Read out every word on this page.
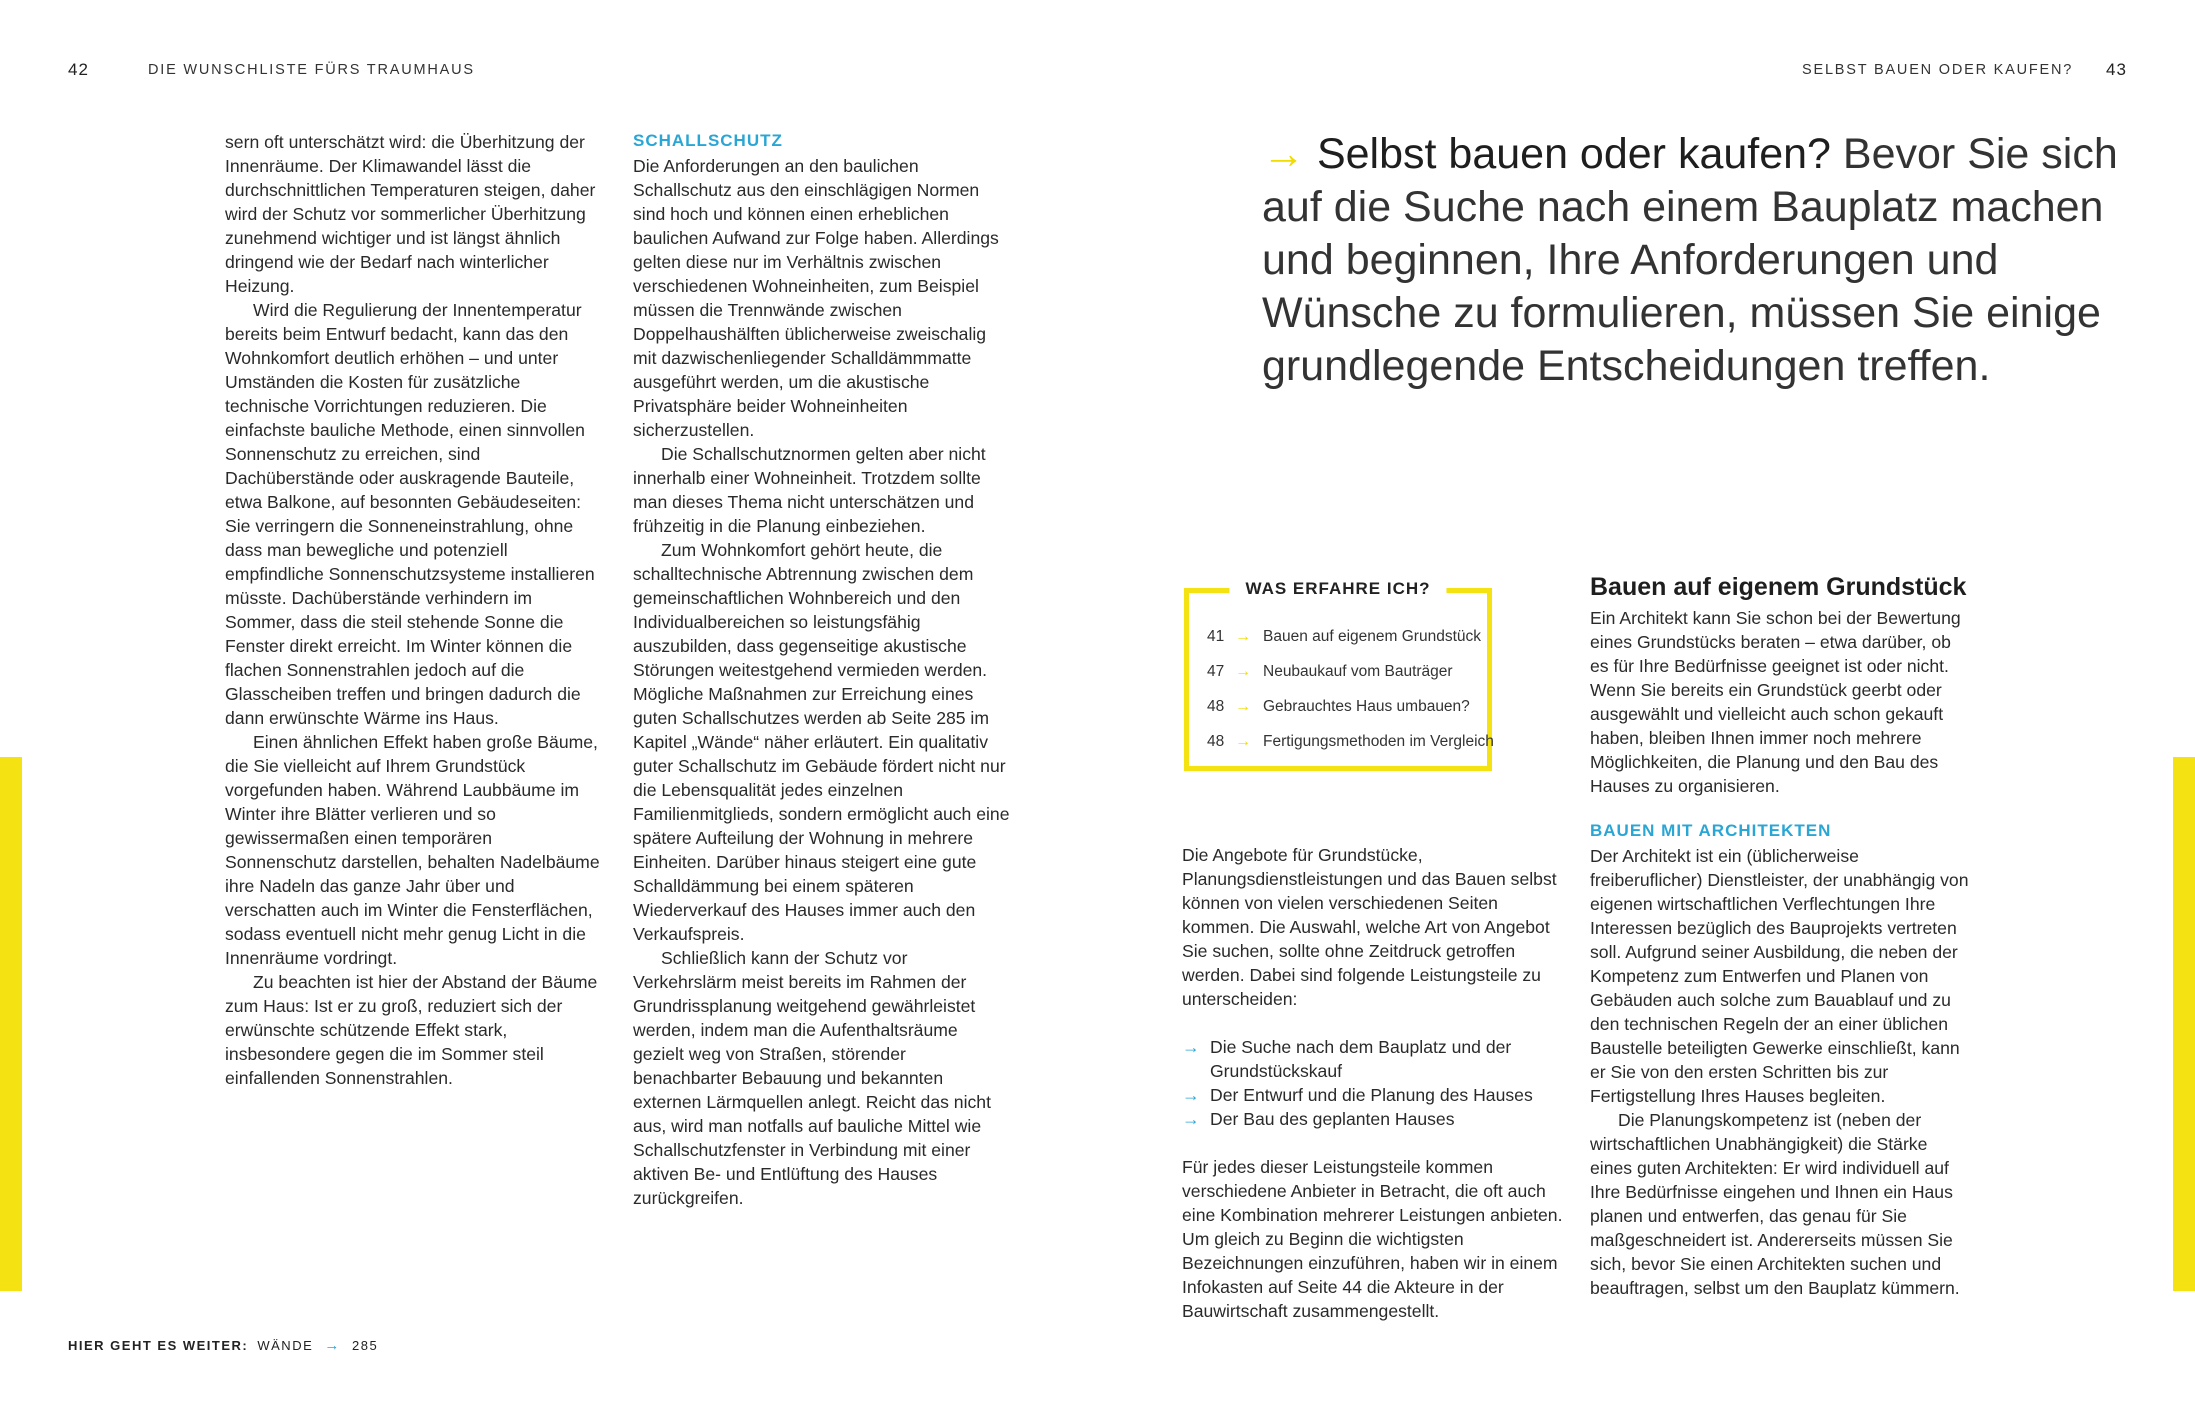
42	DIE WUNSCHLISTE FÜRS TRAUMHAUS	SELBST BAUEN ODER KAUFEN? 43

sern oft unterschätzt wird: die Überhitzung der Innenräume. Der Klimawandel lässt die durchschnittlichen Temperaturen steigen, daher wird der Schutz vor sommerlicher Überhitzung zunehmend wichtiger und ist längst ähnlich dringend wie der Bedarf nach winterlicher Heizung.

Wird die Regulierung der Innentemperatur bereits beim Entwurf bedacht, kann das den Wohnkomfort deutlich erhöhen – und unter Umständen die Kosten für zusätzliche technische Vorrichtungen reduzieren. Die einfachste bauliche Methode, einen sinnvollen Sonnenschutz zu erreichen, sind Dachüberstände oder auskragende Bauteile, etwa Balkone, auf besonnten Gebäudeseiten: Sie verringern die Sonneneinstrahlung, ohne dass man bewegliche und potenziell empfindliche Sonnenschutzsysteme installieren müsste. Dachüberstände verhindern im Sommer, dass die steil stehende Sonne die Fenster direkt erreicht. Im Winter können die flachen Sonnenstrahlen jedoch auf die Glasscheiben treffen und bringen dadurch die dann erwünschte Wärme ins Haus.

Einen ähnlichen Effekt haben große Bäume, die Sie vielleicht auf Ihrem Grundstück vorgefunden haben. Während Laubbäume im Winter ihre Blätter verlieren und so gewissermaßen einen temporären Sonnenschutz darstellen, behalten Nadelbäume ihre Nadeln das ganze Jahr über und verschatten auch im Winter die Fensterflächen, sodass eventuell nicht mehr genug Licht in die Innenräume vordringt.

Zu beachten ist hier der Abstand der Bäume zum Haus: Ist er zu groß, reduziert sich der erwünschte schützende Effekt stark, insbesondere gegen die im Sommer steil einfallenden Sonnenstrahlen.

SCHALLSCHUTZ

Die Anforderungen an den baulichen Schallschutz aus den einschlägigen Normen sind hoch und können einen erheblichen baulichen Aufwand zur Folge haben. Allerdings gelten diese nur im Verhältnis zwischen verschiedenen Wohneinheiten, zum Beispiel müssen die Trennwände zwischen Doppelhaushälften üblicherweise zweischalig mit dazwischenliegender Schalldämmmatte ausgeführt werden, um die akustische Privatsphäre beider Wohneinheiten sicherzustellen.

Die Schallschutznormen gelten aber nicht innerhalb einer Wohneinheit. Trotzdem sollte man dieses Thema nicht unterschätzen und frühzeitig in die Planung einbeziehen.

Zum Wohnkomfort gehört heute, die schalltechnische Abtrennung zwischen dem gemeinschaftlichen Wohnbereich und den Individualbereichen so leistungsfähig auszubilden, dass gegenseitige akustische Störungen weitestgehend vermieden werden. Mögliche Maßnahmen zur Erreichung eines guten Schallschutzes werden ab Seite 285 im Kapitel „Wände“ näher erläutert. Ein qualitativ guter Schallschutz im Gebäude fördert nicht nur die Lebensqualität jedes einzelnen Familienmitglieds, sondern ermöglicht auch eine spätere Aufteilung der Wohnung in mehrere Einheiten. Darüber hinaus steigert eine gute Schalldämmung bei einem späteren Wiederverkauf des Hauses immer auch den Verkaufspreis.

Schließlich kann der Schutz vor Verkehrslärm meist bereits im Rahmen der Grundrissplanung weitgehend gewährleistet werden, indem man die Aufenthaltsräume gezielt weg von Straßen, störender benachbarter Bebauung und bekannten externen Lärmquellen anlegt. Reicht das nicht aus, wird man notfalls auf bauliche Mittel wie Schallschutzfenster in Verbindung mit einer aktiven Be- und Entlüftung des Hauses zurückgreifen.

→ Selbst bauen oder kaufen? Bevor Sie sich auf die Suche nach einem Bauplatz machen und beginnen, Ihre Anforderungen und Wünsche zu formulieren, müssen Sie einige grundlegende Entscheidungen treffen.
WAS ERFAHRE ICH?
41 → Bauen auf eigenem Grundstück
47 → Neubaukauf vom Bauträger
48 → Gebrauchtes Haus umbauen?
48 → Fertigungsmethoden im Vergleich

Die Angebote für Grundstücke, Planungsdienstleistungen und das Bauen selbst können von vielen verschiedenen Seiten kommen. Die Auswahl, welche Art von Angebot Sie suchen, sollte ohne Zeitdruck getroffen werden. Dabei sind folgende Leistungsteile zu unterscheiden:

→ Die Suche nach dem Bauplatz und der Grundstückskauf
→ Der Entwurf und die Planung des Hauses
→ Der Bau des geplanten Hauses

Für jedes dieser Leistungsteile kommen verschiedene Anbieter in Betracht, die oft auch eine Kombination mehrerer Leistungen anbieten. Um gleich zu Beginn die wichtigsten Bezeichnungen einzuführen, haben wir in einem Infokasten auf Seite 44 die Akteure in der Bauwirtschaft zusammengestellt.

Bauen auf eigenem Grundstück

Ein Architekt kann Sie schon bei der Bewertung eines Grundstücks beraten – etwa darüber, ob es für Ihre Bedürfnisse geeignet ist oder nicht. Wenn Sie bereits ein Grundstück geerbt oder ausgewählt und vielleicht auch schon gekauft haben, bleiben Ihnen immer noch mehrere Möglichkeiten, die Planung und den Bau des Hauses zu organisieren.

BAUEN MIT ARCHITEKTEN

Der Architekt ist ein (üblicherweise freiberuflicher) Dienstleister, der unabhängig von eigenen wirtschaftlichen Verflechtungen Ihre Interessen bezüglich des Bauprojekts vertreten soll. Aufgrund seiner Ausbildung, die neben der Kompetenz zum Entwerfen und Planen von Gebäuden auch solche zum Bauablauf und zu den technischen Regeln der an einer üblichen Baustelle beteiligten Gewerke einschließt, kann er Sie von den ersten Schritten bis zur Fertigstellung Ihres Hauses begleiten.

Die Planungskompetenz ist (neben der wirtschaftlichen Unabhängigkeit) die Stärke eines guten Architekten: Er wird individuell auf Ihre Bedürfnisse eingehen und Ihnen ein Haus planen und entwerfen, das genau für Sie maßgeschneidert ist. Andererseits müssen Sie sich, bevor Sie einen Architekten suchen und beauftragen, selbst um den Bauplatz kümmern.

HIER GEHT ES WEITER: WÄNDE → 285
